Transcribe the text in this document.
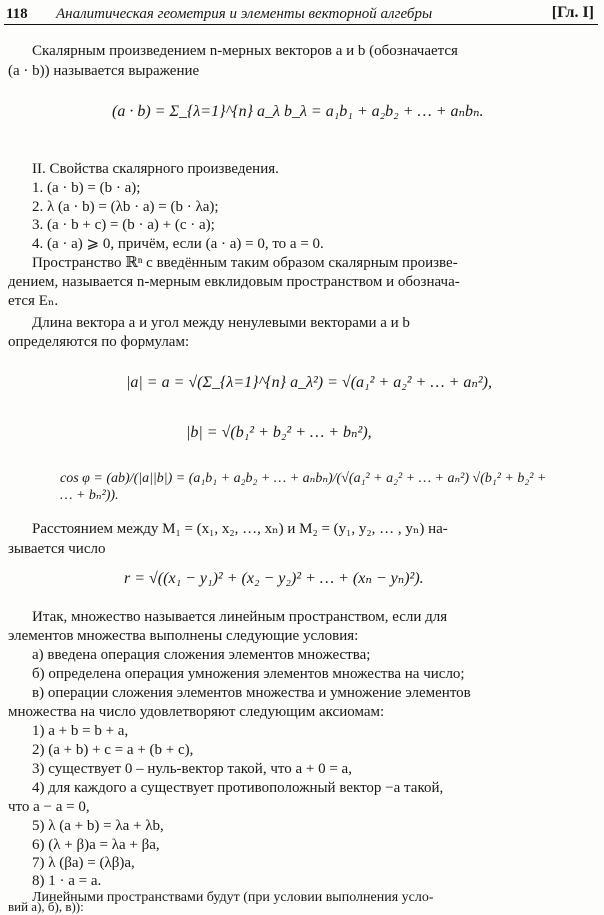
118 Аналитическая геометрия и элементы векторной алгебры	[Гл. I]
Скалярным произведением n-мерных векторов a и b (обозначается
(a · b)) называется выражение
(a · b) = Σ_{λ=1}^{n} a_λ b_λ = a₁b₁ + a₂b₂ + … + aₙbₙ.
II. Свойства скалярного произведения.
1. (a · b) = (b · a);
2. λ (a · b) = (λb · a) = (b · λa);
3. (a · b + c) = (b · a) + (c · a);
4. (a · a) ⩾ 0, причём, если (a · a) = 0, то a = 0.
Пространство ℝⁿ с введённым таким образом скалярным произве-
дением, называется n-мерным евклидовым пространством и обознача-
ется Eₙ.
Длина вектора a и угол между ненулевыми векторами a и b
определяются по формулам:
|a| = a = √(Σ_{λ=1}^{n} a_λ²) = √(a₁² + a₂² + … + aₙ²),
|b| = √(b₁² + b₂² + … + bₙ²),
cos φ = (ab)/(|a||b|) = (a₁b₁ + a₂b₂ + … + aₙbₙ)/(√(a₁² + a₂² + … + aₙ²) √(b₁² + b₂² + … + bₙ²)).
Расстоянием между M₁ = (x₁, x₂, …, xₙ) и M₂ = (y₁, y₂, … , yₙ) на-
зывается число
r = √((x₁ − y₁)² + (x₂ − y₂)² + … + (xₙ − yₙ)²).
Итак, множество называется линейным пространством, если для
элементов множества выполнены следующие условия:
а) введена операция сложения элементов множества;
б) определена операция умножения элементов множества на число;
в) операции сложения элементов множества и умножение элементов
множества на число удовлетворяют следующим аксиомам:
1) a + b = b + a,
2) (a + b) + c = a + (b + c),
3) существует 0 – нуль-вектор такой, что a + 0 = a,
4) для каждого a существует противоположный вектор −a такой,
что a − a = 0,
5) λ (a + b) = λa + λb,
6) (λ + β)a = λa + βa,
7) λ (βa) = (λβ)a,
8) 1 · a = a.
Линейными пространствами будут (при условии выполнения усло-
вий а), б), в)):
